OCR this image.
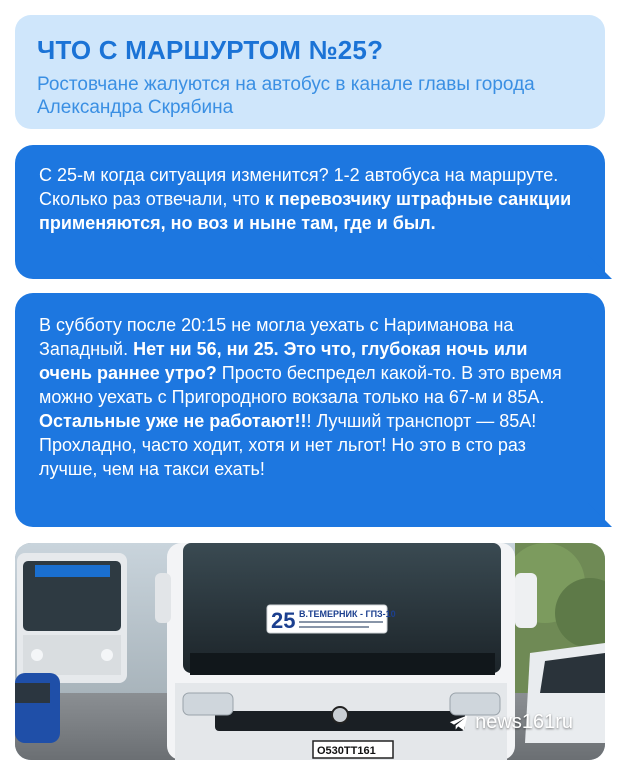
ЧТО С МАРШУРТОМ №25?
Ростовчане жалуются на автобус в канале главы города Александра Скрябина
С 25-м когда ситуация изменится? 1-2 автобуса на маршруте. Сколько раз отвечали, что к перевозчику штрафные санкции применяются, но воз и ныне там, где и был.
В субботу после 20:15 не могла уехать с Нариманова на Западный. Нет ни 56, ни 25. Это что, глубокая ночь или очень раннее утро? Просто беспредел какой-то. В это время можно уехать с Пригородного вокзала только на 67-м и 85А. Остальные уже не работают!!! Лучший транспорт — 85А! Прохладно, часто ходит, хотя и нет льгот! Но это в сто раз лучше, чем на такси ехать!
25 В.ТЕМЕРНИК - ГПЗ-10
О530ТТ161
news161ru
